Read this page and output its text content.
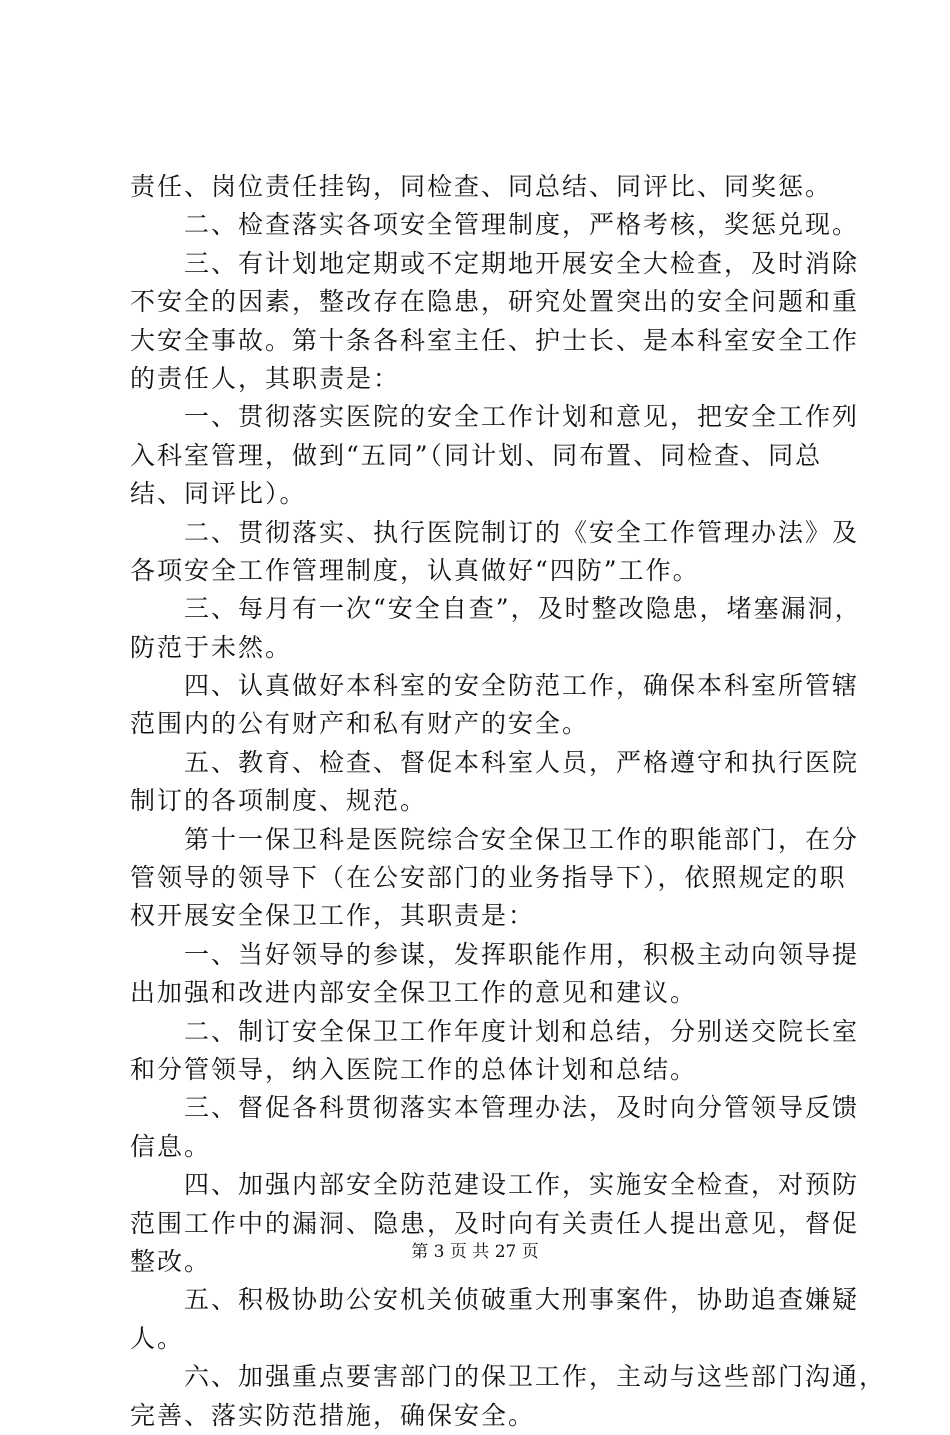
责任、岗位责任挂钩，同检查、同总结、同评比、同奖惩。
　　二、检查落实各项安全管理制度，严格考核，奖惩兑现。
　　三、有计划地定期或不定期地开展安全大检查，及时消除
不安全的因素，整改存在隐患，研究处置突出的安全问题和重
大安全事故。第十条各科室主任、护士长、是本科室安全工作
的责任人，其职责是：
　　一、贯彻落实医院的安全工作计划和意见，把安全工作列
入科室管理，做到“五同”（同计划、同布置、同检查、同总
结、同评比）。
　　二、贯彻落实、执行医院制订的《安全工作管理办法》及
各项安全工作管理制度，认真做好“四防”工作。
　　三、每月有一次“安全自查”，及时整改隐患，堵塞漏洞，
防范于未然。
　　四、认真做好本科室的安全防范工作，确保本科室所管辖
范围内的公有财产和私有财产的安全。
　　五、教育、检查、督促本科室人员，严格遵守和执行医院
制订的各项制度、规范。
　　第十一保卫科是医院综合安全保卫工作的职能部门，在分
管领导的领导下（在公安部门的业务指导下），依照规定的职
权开展安全保卫工作，其职责是：
　　一、当好领导的参谋，发挥职能作用，积极主动向领导提
出加强和改进内部安全保卫工作的意见和建议。
　　二、制订安全保卫工作年度计划和总结，分别送交院长室
和分管领导，纳入医院工作的总体计划和总结。
　　三、督促各科贯彻落实本管理办法，及时向分管领导反馈
信息。
　　四、加强内部安全防范建设工作，实施安全检查，对预防
范围工作中的漏洞、隐患，及时向有关责任人提出意见，督促
整改。
　　五、积极协助公安机关侦破重大刑事案件，协助追查嫌疑
人。
　　六、加强重点要害部门的保卫工作，主动与这些部门沟通，
完善、落实防范措施，确保安全。
第 3 页 共 27 页
